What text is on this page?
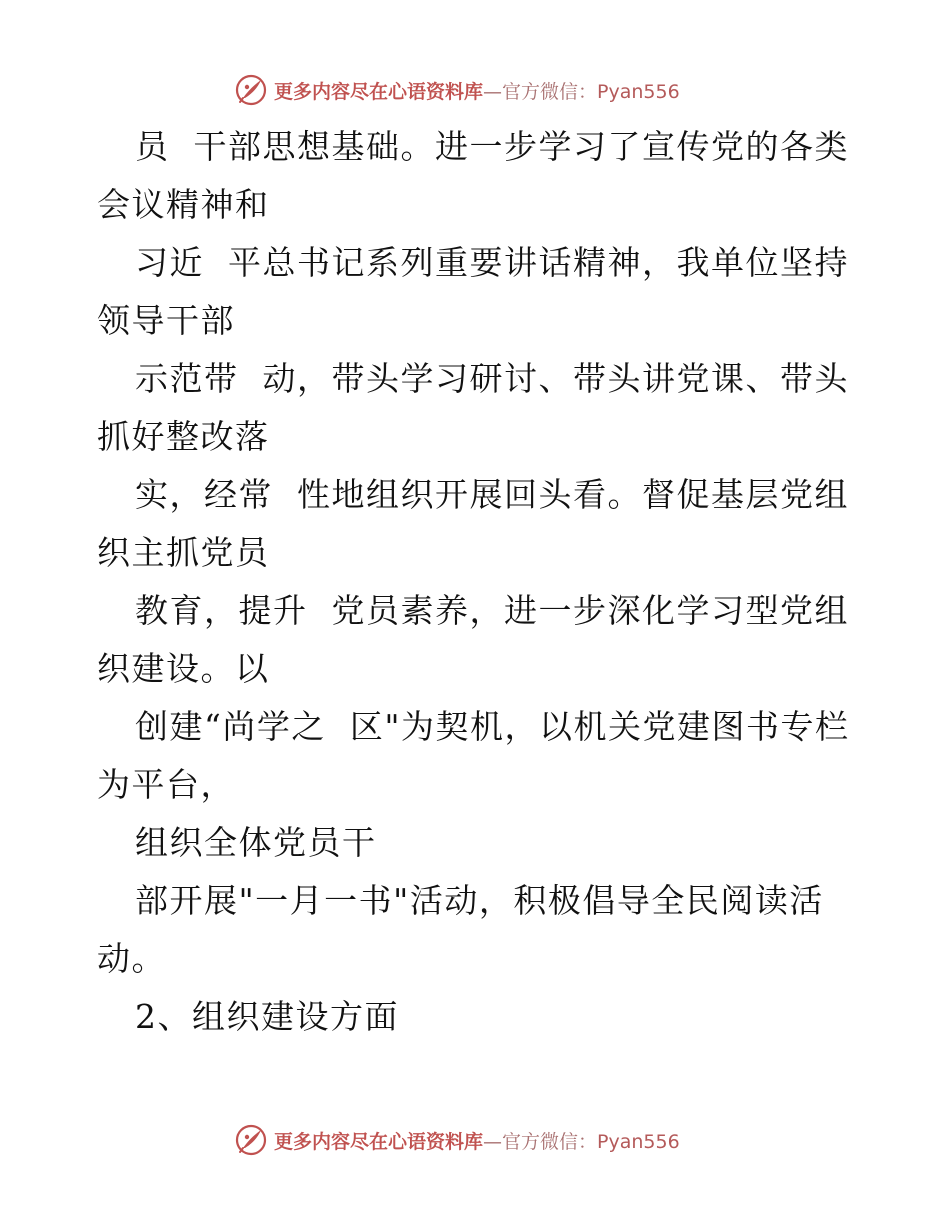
更多内容尽在心语资料库—官方微信：Pyan556
员  干部思想基础。进一步学习了宣传党的各类
会议精神和
习近  平总书记系列重要讲话精神，我单位坚持
领导干部
示范带  动，带头学习研讨、带头讲党课、带头
抓好整改落
实，经常  性地组织开展回头看。督促基层党组
织主抓党员
教育，提升  党员素养，进一步深化学习型党组
织建设。以
创建“尚学之  区"为契机，以机关党建图书专栏
为平台，
组织全体党员干
部开展"一月一书"活动，积极倡导全民阅读活
动。
2、组织建设方面
更多内容尽在心语资料库—官方微信：Pyan556
